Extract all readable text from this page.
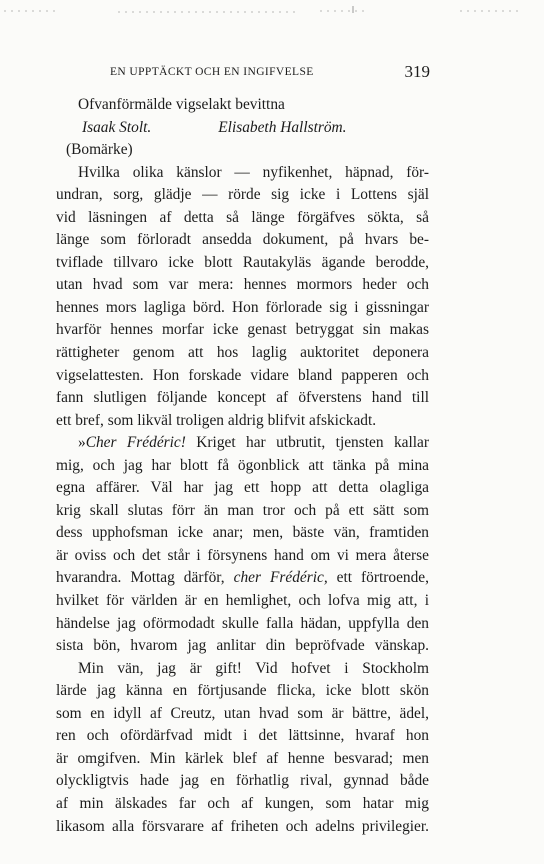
EN UPPTÄCKT OCH EN INGIFVELSE	319
Ofvanförmälde vigselakt bevittna
Isaak Stolt.	Elisabeth Hallström.
(Bomärke)
Hvilka olika känslor — nyfikenhet, häpnad, för-
undran, sorg, glädje — rörde sig icke i Lottens själ
vid läsningen af detta så länge förgäfves sökta, så
länge som förloradt ansedda dokument, på hvars be-
tviflade tillvaro icke blott Rautakyläs ägande berodde,
utan hvad som var mera: hennes mormors heder och
hennes mors lagliga börd. Hon förlorade sig i gissningar
hvarför hennes morfar icke genast betryggat sin makas
rättigheter genom att hos laglig auktoritet deponera
vigselattesten. Hon forskade vidare bland papperen och
fann slutligen följande koncept af öfverstens hand till
ett bref, som likväl troligen aldrig blifvit afskickadt.
»Cher Frédéric! Kriget har utbrutit, tjensten kallar
mig, och jag har blott få ögonblick att tänka på mina
egna affärer. Väl har jag ett hopp att detta olagliga
krig skall slutas förr än man tror och på ett sätt som
dess upphofsman icke anar; men, bäste vän, framtiden
är oviss och det står i försynens hand om vi mera återse
hvarandra. Mottag därför, cher Frédéric, ett förtroende,
hvilket för världen är en hemlighet, och lofva mig att, i
händelse jag oförmodadt skulle falla hädan, uppfylla den
sista bön, hvarom jag anlitar din bepröfvade vänskap.
Min vän, jag är gift! Vid hofvet i Stockholm
lärde jag känna en förtjusande flicka, icke blott skön
som en idyll af Creutz, utan hvad som är bättre, ädel,
ren och ofördärfvad midt i det lättsinne, hvaraf hon
är omgifven. Min kärlek blef af henne besvarad; men
olyckligtvis hade jag en förhatlig rival, gynnad både
af min älskades far och af kungen, som hatar mig
likasom alla försvarare af friheten och adelns privilegier.
